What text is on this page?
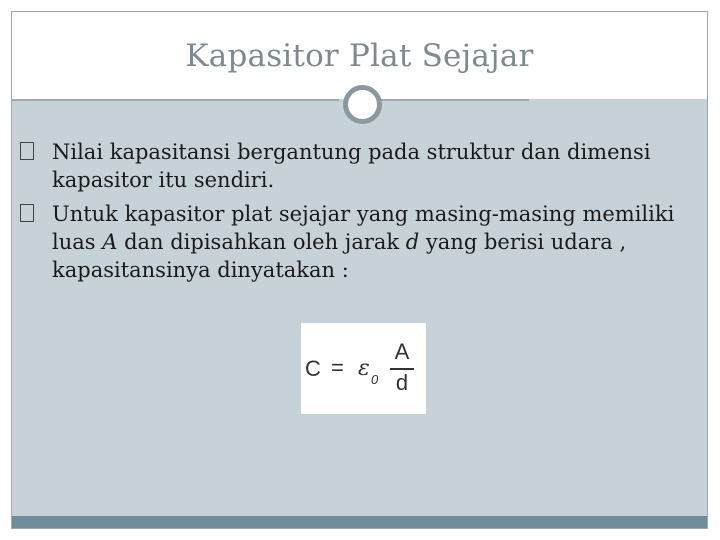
Kapasitor Plat Sejajar
Nilai kapasitansi bergantung pada struktur dan dimensi kapasitor itu sendiri.
Untuk kapasitor plat sejajar yang masing-masing memiliki luas A dan dipisahkan oleh jarak d yang berisi udara , kapasitansinya dinyatakan :
C = ε 0
A
d
